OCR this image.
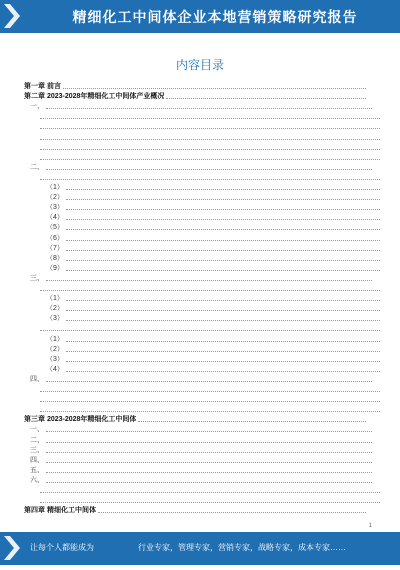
精细化工中间体企业本地营销策略研究报告
内容目录
第一章 前言
第二章 2023-2028年精细化工中间体产业概况
一、
二、
（1）
（2）
（3）
（4）
（5）
（6）
（7）
（8）
（9）
三、
（1）
（2）
（3）
（1）
（2）
（3）
（4）
四、
第三章 2023-2028年精细化工中间体
一、
二、
三、
四、
五、
六、
第四章 精细化工中间体
1
让每个人都能成为	行业专家，管理专家，营销专家，战略专家，成本专家……
